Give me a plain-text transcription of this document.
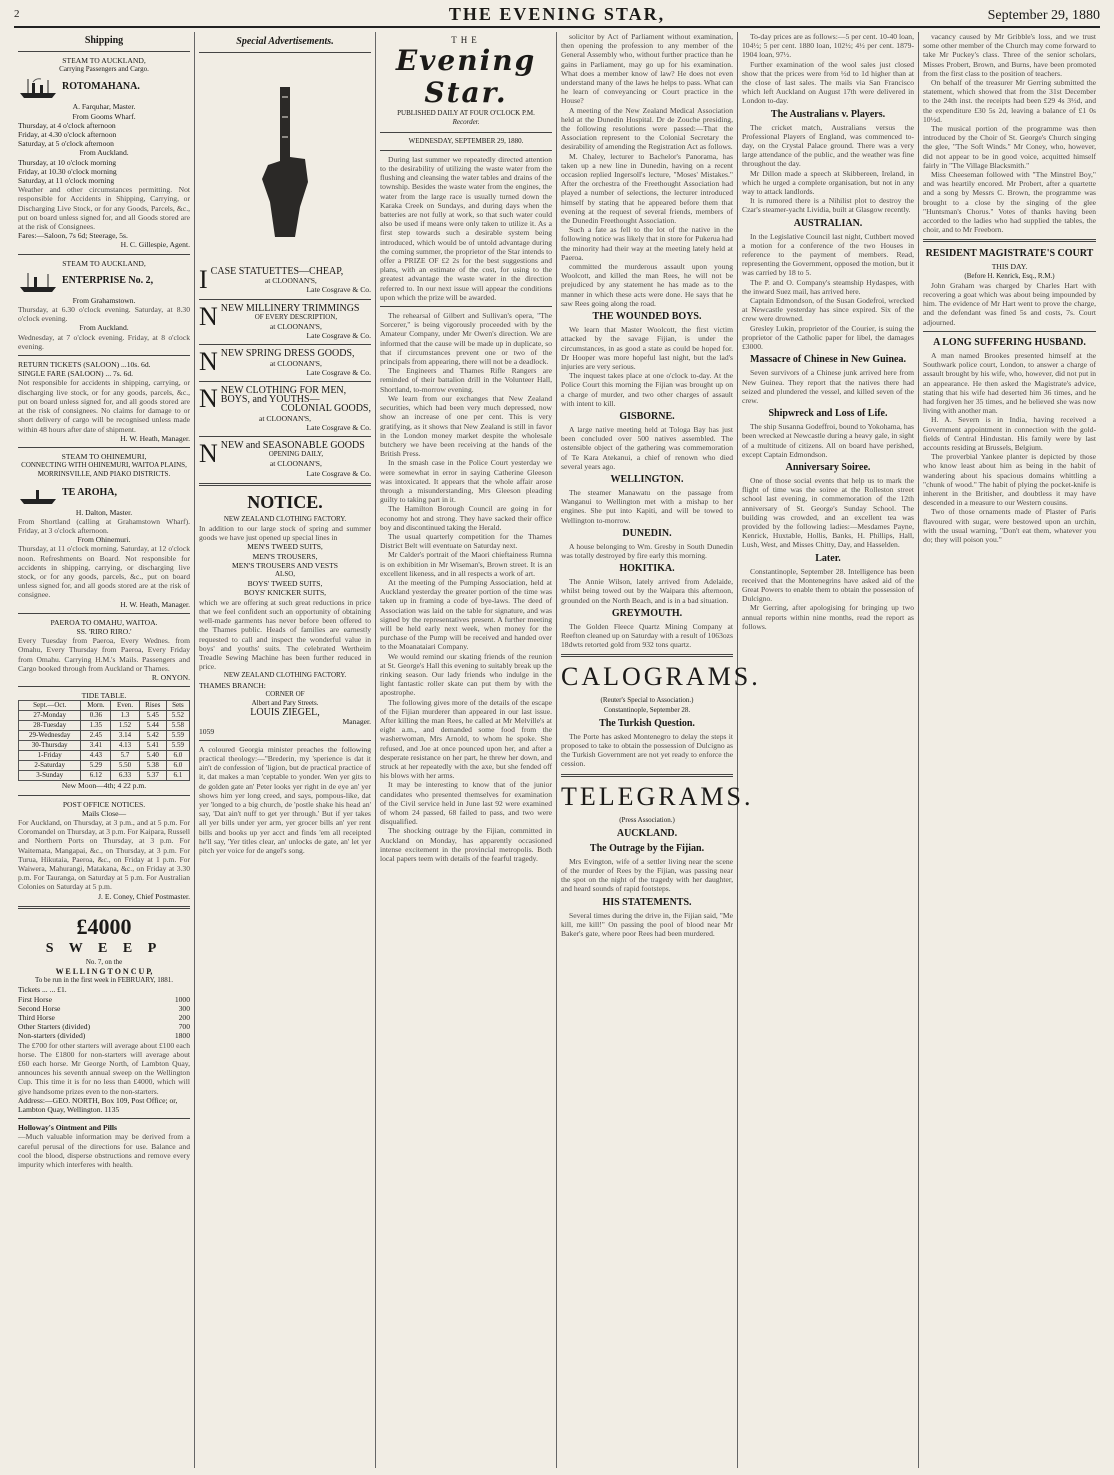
2	THE EVENING STAR,	September 29, 1880
Shipping
STEAM TO AUCKLAND,
Carrying Passengers and Cargo.
ROTOMAHANA.
A. Farquhar, Master.
From Gooms Wharf.
Thursday, at 4 o'clock afternoon
Friday, at 4.30 o'clock afternoon
Saturday, at 5 o'clock afternoon
From Auckland.
Thursday, at 10 o'clock morning
Friday, at 10.30 o'clock morning
Saturday, at 11 o'clock morning
Weather and other circumstances permitting. Not responsible for Accidents in Shipping, Carrying, or Discharging Live Stock, or for any Goods, Parcels, &c., put on board unless signed for, and all Goods stored are at the risk of Consignees.
Fares:—Saloon, 7s 6d; Steerage, 5s.
H. C. Gillespie, Agent.
STEAM TO AUCKLAND,
ENTERPRISE No. 2,
From Grahamstown.
Thursday, at 6.30 o'clock evening. Saturday, at 8.30 o'clock evening.
From Auckland.
Wednesday, at 7 o'clock evening. Friday, at 8 o'clock evening.
RETURN TICKETS (SALOON) ...10s. 6d.
SINGLE FARE (SALOON) ... 7s. 6d.
Not responsible for accidents in shipping, carrying, or discharging live stock, or for any goods, parcels, &c., put on board unless signed for, and all goods stored are at the risk of consignees. No claims for damage to or short delivery of cargo will be recognised unless made within 48 hours after date of shipment.
H. W. Heath, Manager.
STEAM TO OHINEMURI,
CONNECTING WITH OHINEMURI, WAITOA PLAINS, MORRINSVILLE, AND PIAKO DISTRICTS.
TE AROHA,
H. Dalton, Master.
From Shortland (calling at Grahamstown Wharf). Friday, at 3 o'clock afternoon.
From Ohinemuri.
Thursday, at 11 o'clock morning. Saturday, at 12 o'clock noon. Refreshments on Board. Not responsible for accidents in shipping, carrying, or discharging live stock, or for any goods, parcels, &c., put on board unless signed for, and all goods stored are at the risk of consignee.
H. W. Heath, Manager.
PAEROA TO OMAHU, WAITOA.
SS. 'RIRO RIRO.'
Every Tuesday from Paeroa, Every Wednes. from Omahu, Every Thursday from Paeroa, Every Friday from Omahu. Carrying H.M.'s Mails. Passengers and Cargo booked through from Auckland or Thames.
R. ONYON.
TIDE TABLE.
Sept.—Oct.	Morn.	Even.	Rises	Sets
27-Monday	0.36	1.3	5.45	5.52
28-Tuesday	1.35	1.52	5.44	5.58
29-Wednesday	2.45	3.14	5.42	5.59
30-Thursday	3.41	4.13	5.41	5.59
1-Friday	4.43	5.7	5.40	6.0
2-Saturday	5.29	5.50	5.38	6.0
3-Sunday	6.12	6.33	5.37	6.1
New Moon—4th; 4 22 p.m.
POST OFFICE NOTICES.
Mails Close—
For Auckland, on Thursday, at 3 p.m., and at 5 p.m. For Coromandel on Thursday, at 3 p.m. For Kaipara, Russell and Northern Ports on Thursday, at 3 p.m. For Waitemata, Mangapai, &c., on Thursday, at 3 p.m. For Turua, Hikutaia, Paeroa, &c., on Friday at 1 p.m. For Waiwera, Mahurangi, Matakana, &c., on Friday at 3.30 p.m. For Tauranga, on Saturday at 5 p.m. For Australian Colonies on Saturday at 5 p.m.
J. E. Coney, Chief Postmaster.
£4000
S W E E P
No. 7, on the
W E L L I N G T O N C U P,
To be run in the first week in FEBRUARY, 1881.
Tickets ... ... £1.
First Horse	1000
Second Horse	300
Third Horse	200
Other Starters (divided)	700
Non-starters (divided)	1800
The £700 for other starters will average about £100 each horse. The £1800 for non-starters will average about £60 each horse. Mr George North, of Lambton Quay, announces his seventh annual sweep on the Wellington Cup. This time it is for no less than £4000, which will give handsome prizes even to the non-starters.
Address:—GEO. NORTH, Box 109, Post Office; or, Lambton Quay, Wellington. 1135
Holloway's Ointment and Pills
—Much valuable information may be derived from a careful perusal of the directions for use. Balance and cool the blood, disperse obstructions and remove every impurity which interferes with health.
Special Advertisements.
ICASE STATUETTES—CHEAP,
at CLOONAN'S,
Late Cosgrave & Co.
NNEW MILLINERY TRIMMINGS
OF EVERY DESCRIPTION,
at CLOONAN'S,
Late Cosgrave & Co.
NNEW SPRING DRESS GOODS,
at CLOONAN'S,
Late Cosgrave & Co.
NNEW CLOTHING FOR MEN, BOYS, and YOUTHS—
COLONIAL GOODS,
at CLOONAN'S,
Late Cosgrave & Co.
NNEW and SEASONABLE GOODS
OPENING DAILY,
at CLOONAN'S,
Late Cosgrave & Co.
NOTICE.
NEW ZEALAND CLOTHING FACTORY.
In addition to our large stock of spring and summer goods we have just opened up special lines in
MEN'S TWEED SUITS,
MEN'S TROUSERS,
MEN'S TROUSERS AND VESTS
ALSO,
BOYS' TWEED SUITS,
BOYS' KNICKER SUITS,
which we are offering at such great reductions in price that we feel confident such an opportunity of obtaining well-made garments has never before been offered to the Thames public. Heads of families are earnestly requested to call and inspect the wonderful value in boys' and youths' suits. The celebrated Wertheim Treadle Sewing Machine has been further reduced in price.
NEW ZEALAND CLOTHING FACTORY.
THAMES BRANCH:
CORNER OF
Albert and Pary Streets.
LOUIS ZIEGEL,
Manager.
1059
A coloured Georgia minister preaches the following practical theology:—"Brederin, my 'sperience is dat it ain't de confession of 'ligion, but de practical practice of it, dat makes a man 'ceptable to yonder. Wen yer gits to de golden gate an' Peter looks yer right in de eye an' yer shows him yer long creed, and says, pompous-like, dat yer 'longed to a big church, de 'postle shake his head an' say, 'Dat ain't nuff to get yer through.' But if yer takes all yer bills under yer arm, yer grocer bills an' yer rent bills and books up yer acct and finds 'em all receipted he'll say, 'Yer titles clear, an' unlocks de gate, an' let yer pitch yer voice for de angel's song.
THE
Evening Star.
PUBLISHED DAILY AT FOUR O'CLOCK P.M.
Recorder.
WEDNESDAY, SEPTEMBER 29, 1880.
During last summer we repeatedly directed attention to the desirability of utilizing the waste water from the flushing and cleansing the water tables and drains of the township. Besides the waste water from the engines, the water from the large race is usually turned down the Karaka Creek on Sundays, and during days when the batteries are not fully at work, so that such water could also be used if means were only taken to utilize it. As a first step towards such a desirable system being introduced, which would be of untold advantage during the coming summer, the proprietor of the Star intends to offer a PRIZE OF £2 2s for the best suggestions and plans, with an estimate of the cost, for using to the greatest advantage the waste water in the direction referred to. In our next issue will appear the conditions upon which the prize will be awarded.
The rehearsal of Gilbert and Sullivan's opera, "The Sorcerer," is being vigorously proceeded with by the Amateur Company, under Mr Owen's direction. We are informed that the cause will be made up in duplicate, so that if circumstances prevent one or two of the principals from appearing, there will not be a deadlock.
The Engineers and Thames Rifle Rangers are reminded of their battalion drill in the Volunteer Hall, Shortland, to-morrow evening.
We learn from our exchanges that New Zealand securities, which had been very much depressed, now show an increase of one per cent. This is very gratifying, as it shows that New Zealand is still in favor in the London money market despite the wholesale butchery we have been receiving at the hands of the British Press.
In the smash case in the Police Court yesterday we were somewhat in error in saying Catherine Gleeson was intoxicated. It appears that the whole affair arose through a misunderstanding, Mrs Gleeson pleading guilty to taking part in it.
The Hamilton Borough Council are going in for economy hot and strong. They have sacked their office boy and discontinued taking the Herald.
The usual quarterly competition for the Thames District Belt will eventuate on Saturday next.
Mr Calder's portrait of the Maori chieftainess Rumna is on exhibition in Mr Wiseman's, Brown street. It is an excellent likeness, and in all respects a work of art.
At the meeting of the Pumping Association, held at Auckland yesterday the greater portion of the time was taken up in framing a code of bye-laws. The deed of Association was laid on the table for signature, and was signed by the representatives present. A further meeting will be held early next week, when money for the purchase of the Pump will be received and handed over to the Moanataiari Company.
We would remind our skating friends of the reunion at St. George's Hall this evening to suitably break up the rinking season. Our lady friends who indulge in the light fantastic roller skate can put them by with the apostrophe.
The following gives more of the details of the escape of the Fijian murderer than appeared in our last issue. After killing the man Rees, he called at Mr Melville's at eight a.m., and demanded some food from the washerwoman, Mrs Arnold, to whom he spoke. She refused, and Joe at once pounced upon her, and after a desperate resistance on her part, he threw her down, and struck at her repeatedly with the axe, but she fended off his blows with her arms.
It may be interesting to know that of the junior candidates who presented themselves for examination of the Civil service held in June last 92 were examined of whom 24 passed, 68 failed to pass, and two were disqualified.
The shocking outrage by the Fijian, committed in Auckland on Monday, has apparently occasioned intense excitement in the provincial metropolis. Both local papers teem with details of the fearful tragedy.
solicitor by Act of Parliament without examination, then opening the profession to any member of the General Assembly who, without further practice than he gains in Parliament, may go up for his examination. What does a member know of law? He does not even understand many of the laws he helps to pass. What can he learn of conveyancing or Court practice in the House?
A meeting of the New Zealand Medical Association held at the Dunedin Hospital. Dr de Zouche presiding, the following resolutions were passed:—That the Association represent to the Colonial Secretary the desirability of amending the Registration Act as follows.
M. Chaley, lecturer to Bachelor's Panorama, has taken up a new line in Dunedin, having on a recent occasion replied Ingersoll's lecture, "Moses' Mistakes." After the orchestra of the Freethought Association had played a number of selections, the lecturer introduced himself by stating that he appeared before them that evening at the request of several friends, members of the Dunedin Freethought Association.
Such a fate as fell to the lot of the native in the following notice was likely that in store for Pukerua had the minority had their way at the meeting lately held at Paeroa.
committed the murderous assault upon young Woolcott, and killed the man Rees, he will not be prejudiced by any statement he has made as to the manner in which these acts were done. He says that he saw Rees going along the road.
THE WOUNDED BOYS.
We learn that Master Woolcott, the first victim attacked by the savage Fijian, is under the circumstances, in as good a state as could be hoped for. Dr Hooper was more hopeful last night, but the lad's injuries are very serious.
The inquest takes place at one o'clock to-day. At the Police Court this morning the Fijian was brought up on a charge of murder, and two other charges of assault with intent to kill.
GISBORNE.
A large native meeting held at Tologa Bay has just been concluded over 500 natives assembled. The ostensible object of the gathering was commemoration of Te Kara Atekanui, a chief of renown who died several years ago.
WELLINGTON.
The steamer Manawatu on the passage from Wanganui to Wellington met with a mishap to her engines. She put into Kapiti, and will be towed to Wellington to-morrow.
DUNEDIN.
A house belonging to Wm. Gresby in South Dunedin was totally destroyed by fire early this morning.
HOKITIKA.
The Annie Wilson, lately arrived from Adelaide, whilst being towed out by the Waipara this afternoon, grounded on the North Beach, and is in a bad situation.
GREYMOUTH.
The Golden Fleece Quartz Mining Company at Reefton cleaned up on Saturday with a result of 1063ozs 18dwts retorted gold from 932 tons quartz.
CALOGRAMS.
(Reuter's Special to Association.)
Constantinople, September 28.
The Turkish Question.
The Porte has asked Montenegro to delay the steps it proposed to take to obtain the possession of Dulcigno as the Turkish Government are not yet ready to enforce the cession.
TELEGRAMS.
(Press Association.)
AUCKLAND.
The Outrage by the Fijian.
Mrs Evington, wife of a settler living near the scene of the murder of Rees by the Fijian, was passing near the spot on the night of the tragedy with her daughter, and heard sounds of rapid footsteps.
HIS STATEMENTS.
Several times during the drive in, the Fijian said, "Me kill, me kill!" On passing the pool of blood near Mr Baker's gate, where poor Rees had been murdered.
To-day prices are as follows:—5 per cent. 10-40 loan, 104½; 5 per cent. 1880 loan, 102½; 4½ per cent. 1879-1904 loan, 97½.
Further examination of the wool sales just closed show that the prices were from ½d to 1d higher than at the close of last sales. The mails via San Francisco which left Auckland on August 17th were delivered in London to-day.
The Australians v. Players.
The cricket match, Australians versus the Professional Players of England, was commenced to-day, on the Crystal Palace ground. There was a very large attendance of the public, and the weather was fine throughout the day.
Mr Dillon made a speech at Skibbereen, Ireland, in which he urged a complete organisation, but not in any way to attack landlords.
It is rumored there is a Nihilist plot to destroy the Czar's steamer-yacht Lividia, built at Glasgow recently.
AUSTRALIAN.
In the Legislative Council last night, Cuthbert moved a motion for a conference of the two Houses in reference to the payment of members. Read, representing the Government, opposed the motion, but it was carried by 18 to 5.
The P. and O. Company's steamship Hydaspes, with the inward Suez mail, has arrived here.
Captain Edmondson, of the Susan Godefroi, wrecked at Newcastle yesterday has since expired. Six of the crew were drowned.
Gresley Lukin, proprietor of the Courier, is suing the proprietor of the Catholic paper for libel, the damages £3000.
Massacre of Chinese in New Guinea.
Seven survivors of a Chinese junk arrived here from New Guinea. They report that the natives there had seized and plundered the vessel, and killed seven of the crew.
Shipwreck and Loss of Life.
The ship Susanna Godeffroi, bound to Yokohama, has been wrecked at Newcastle during a heavy gale, in sight of a multitude of citizens. All on board have perished, except Captain Edmondson.
Anniversary Soiree.
One of those social events that help us to mark the flight of time was the soiree at the Rolleston street school last evening, in commemoration of the 12th anniversary of St. George's Sunday School. The building was crowded, and an excellent tea was provided by the following ladies:—Mesdames Payne, Kenrick, Huxtable, Hollis, Banks, H. Phillips, Hall, Lush, West, and Misses Chitty, Day, and Hasselden.
Later.
Constantinople, September 28. Intelligence has been received that the Montenegrins have asked aid of the Great Powers to enable them to obtain the possession of Dulcigno.
Mr Gerring, after apologising for bringing up two annual reports within nine months, read the report as follows.
vacancy caused by Mr Gribble's loss, and we trust some other member of the Church may come forward to take Mr Puckey's class. Three of the senior scholars, Misses Probert, Brown, and Burns, have been promoted from the first class to the position of teachers.
On behalf of the treasurer Mr Gerring submitted the statement, which showed that from the 31st December to the 24th inst. the receipts had been £29 4s 3½d, and the expenditure £30 5s 2d, leaving a balance of £1 0s 10½d.
The musical portion of the programme was then introduced by the Choir of St. George's Church singing the glee, "The Soft Winds." Mr Coney, who, however, did not appear to be in good voice, acquitted himself fairly in "The Village Blacksmith."
Miss Cheeseman followed with "The Minstrel Boy," and was heartily encored. Mr Probert, after a quartette and a song by Messrs C. Brown, the programme was brought to a close by the singing of the glee "Huntsman's Chorus." Votes of thanks having been accorded to the ladies who had supplied the tables, the choir, and to Mr Freeborn.
RESIDENT MAGISTRATE'S COURT
THIS DAY.
(Before H. Kenrick, Esq., R.M.)
John Graham was charged by Charles Hart with recovering a goat which was about being impounded by him. The evidence of Mr Hart went to prove the charge, and the defendant was fined 5s and costs, 7s. Court adjourned.
A LONG SUFFERING HUSBAND.
A man named Brookes presented himself at the Southwark police court, London, to answer a charge of assault brought by his wife, who, however, did not put in an appearance. He then asked the Magistrate's advice, stating that his wife had deserted him 36 times, and he had forgiven her 35 times, and he believed she was now living with another man.
H. A. Severn is in India, having received a Government appointment in connection with the gold-fields of Central Hindustan. His family were by last accounts residing at Brussels, Belgium.
The proverbial Yankee planter is depicted by those who know least about him as being in the habit of wandering about his spacious domains whittling a "chunk of wood." The habit of plying the pocket-knife is inherent in the Britisher, and doubtless it may have descended in a measure to our Western cousins.
Two of those ornaments made of Plaster of Paris flavoured with sugar, were bestowed upon an urchin, with the usual warning, "Don't eat them, whatever you do; they will poison you."
